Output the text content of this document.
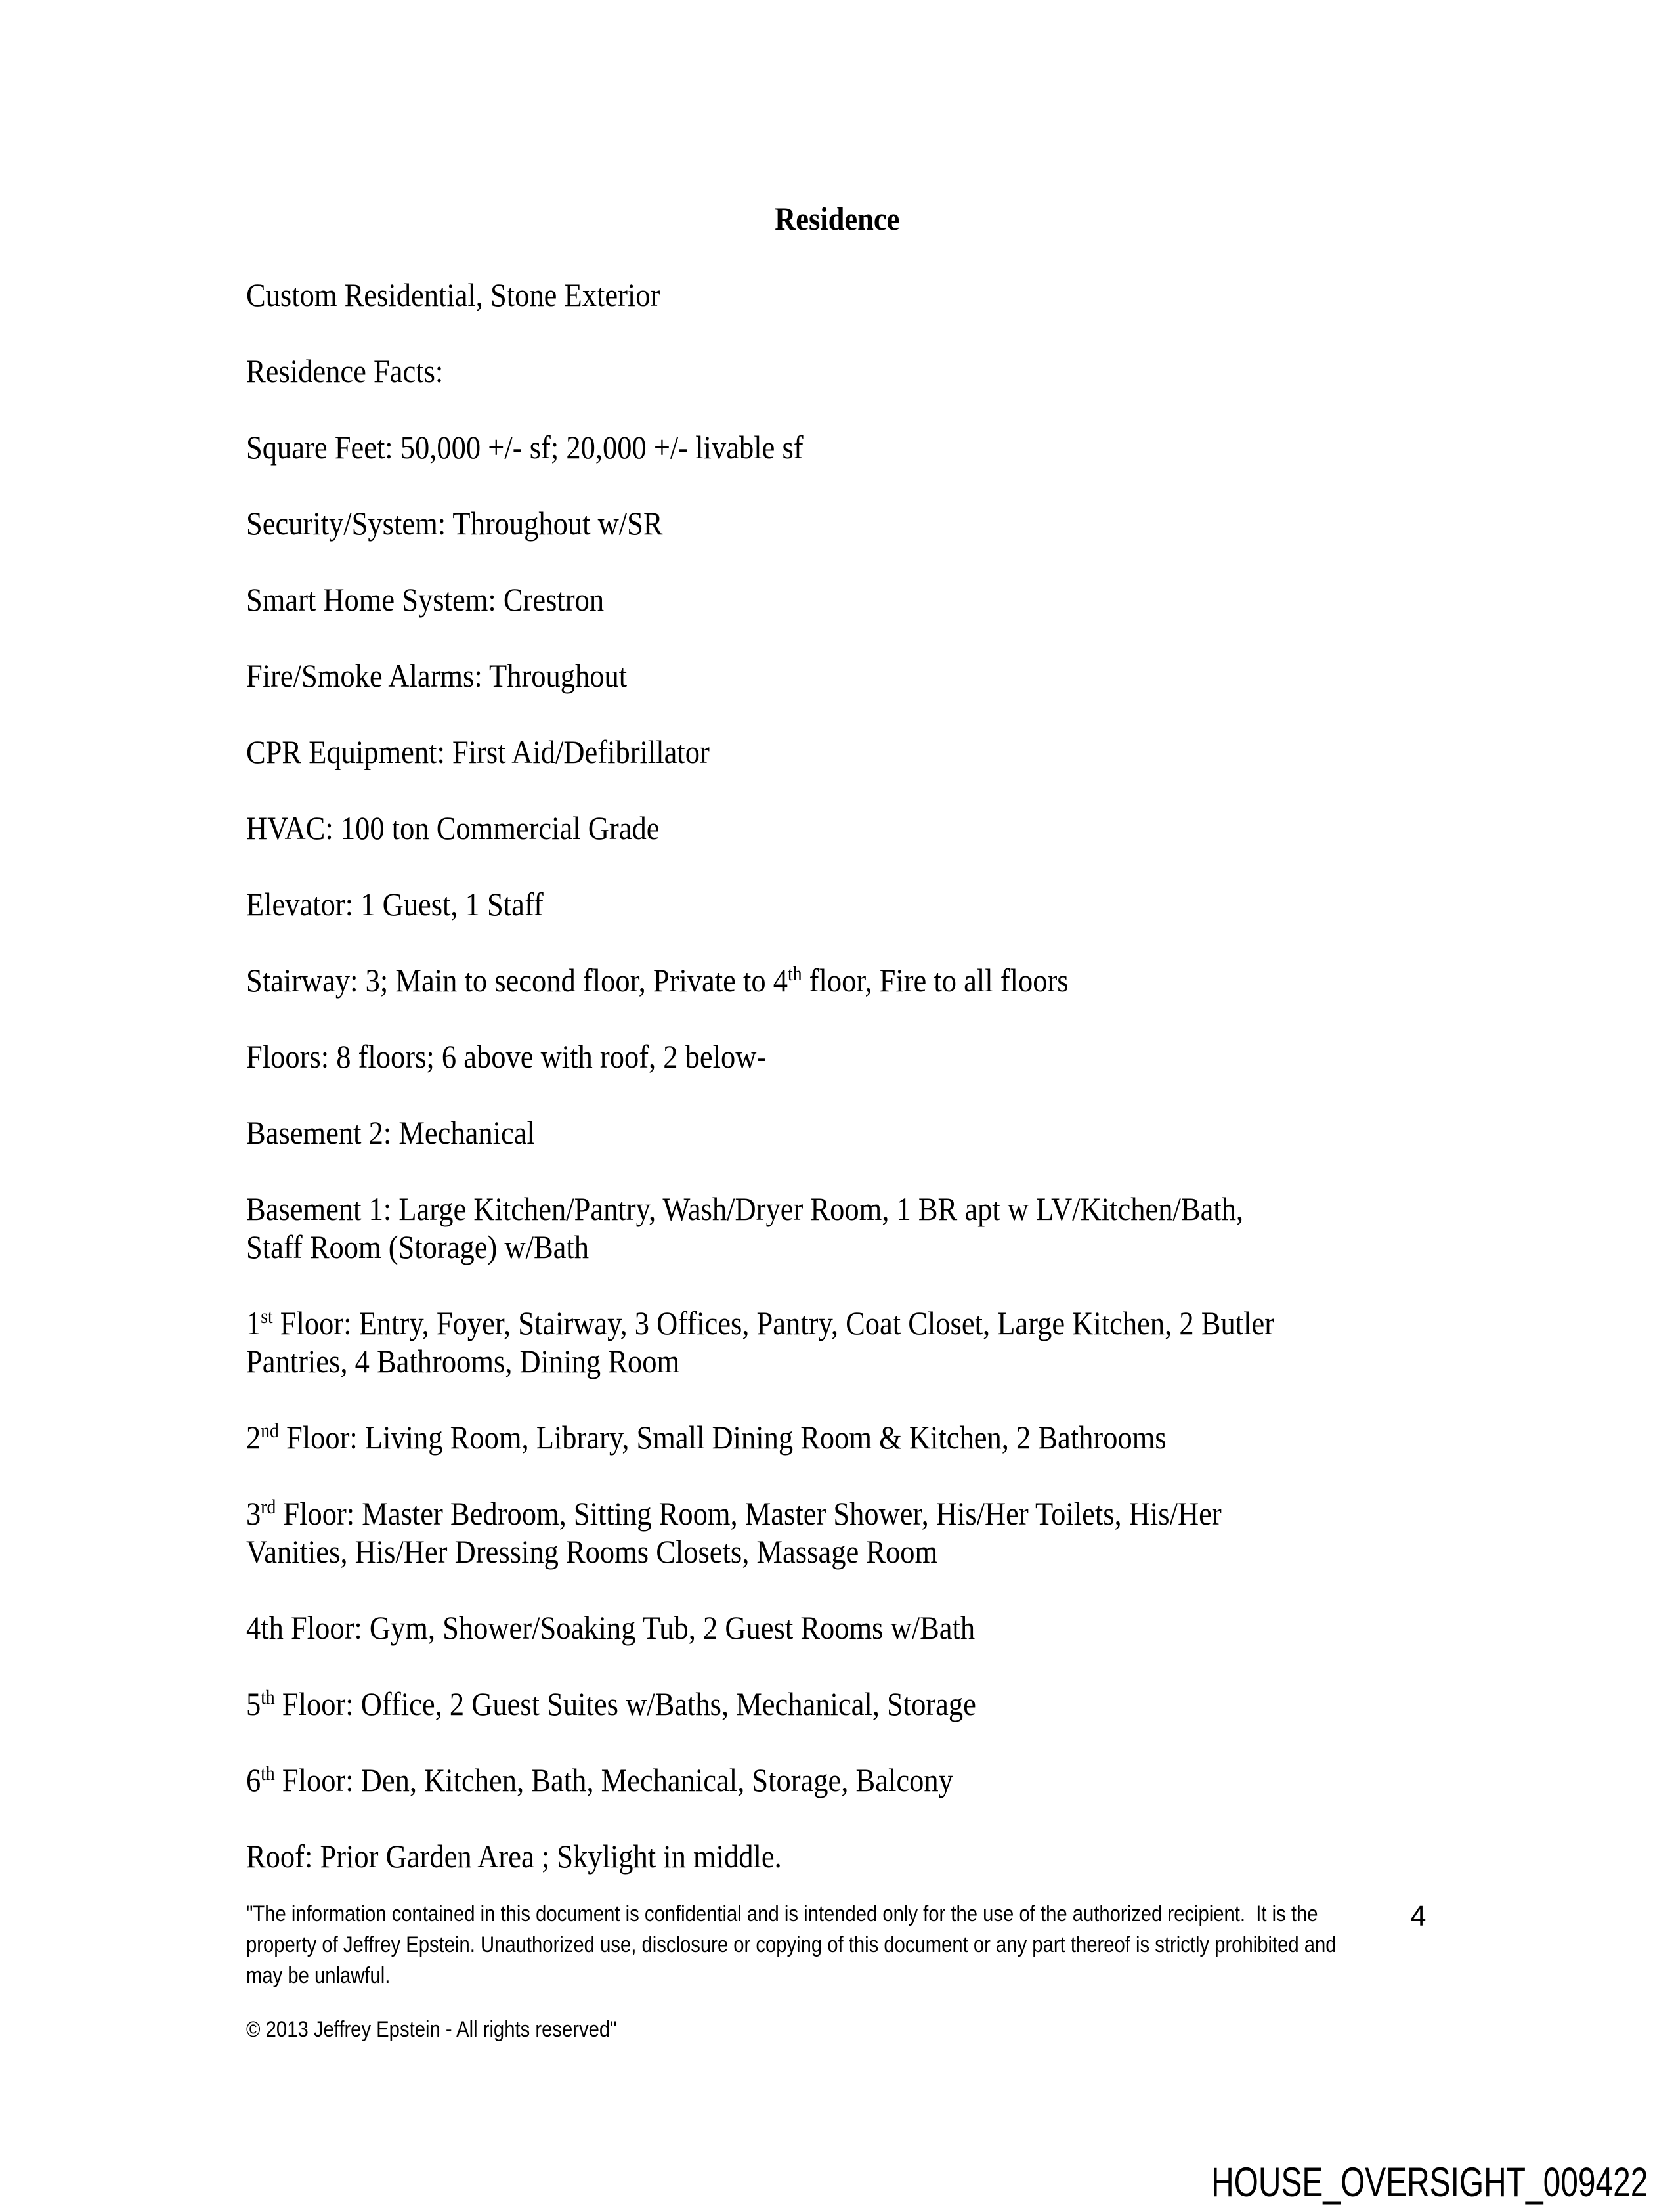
Residence

Custom Residential, Stone Exterior

Residence Facts:

Square Feet: 50,000 +/- sf; 20,000 +/- livable sf

Security/System: Throughout w/SR

Smart Home System: Crestron

Fire/Smoke Alarms: Throughout

CPR Equipment: First Aid/Defibrillator

HVAC: 100 ton Commercial Grade

Elevator: 1 Guest, 1 Staff

Stairway: 3; Main to second floor, Private to 4th floor, Fire to all floors

Floors: 8 floors; 6 above with roof, 2 below-

Basement 2: Mechanical

Basement 1: Large Kitchen/Pantry, Wash/Dryer Room, 1 BR apt w LV/Kitchen/Bath,
Staff Room (Storage) w/Bath

1st Floor: Entry, Foyer, Stairway, 3 Offices, Pantry, Coat Closet, Large Kitchen, 2 Butler
Pantries, 4 Bathrooms, Dining Room

2nd Floor: Living Room, Library, Small Dining Room & Kitchen, 2 Bathrooms

3rd Floor: Master Bedroom, Sitting Room, Master Shower, His/Her Toilets, His/Her
Vanities, His/Her Dressing Rooms Closets, Massage Room

4th Floor: Gym, Shower/Soaking Tub, 2 Guest Rooms w/Bath

5th Floor: Office, 2 Guest Suites w/Baths, Mechanical, Storage

6th Floor: Den, Kitchen, Bath, Mechanical, Storage, Balcony

Roof: Prior Garden Area ; Skylight in middle.

"The information contained in this document is confidential and is intended only for the use of the authorized recipient.  It is the
property of Jeffrey Epstein. Unauthorized use, disclosure or copying of this document or any part thereof is strictly prohibited and
may be unlawful.

© 2013 Jeffrey Epstein - All rights reserved"

4
HOUSE_OVERSIGHT_009422
